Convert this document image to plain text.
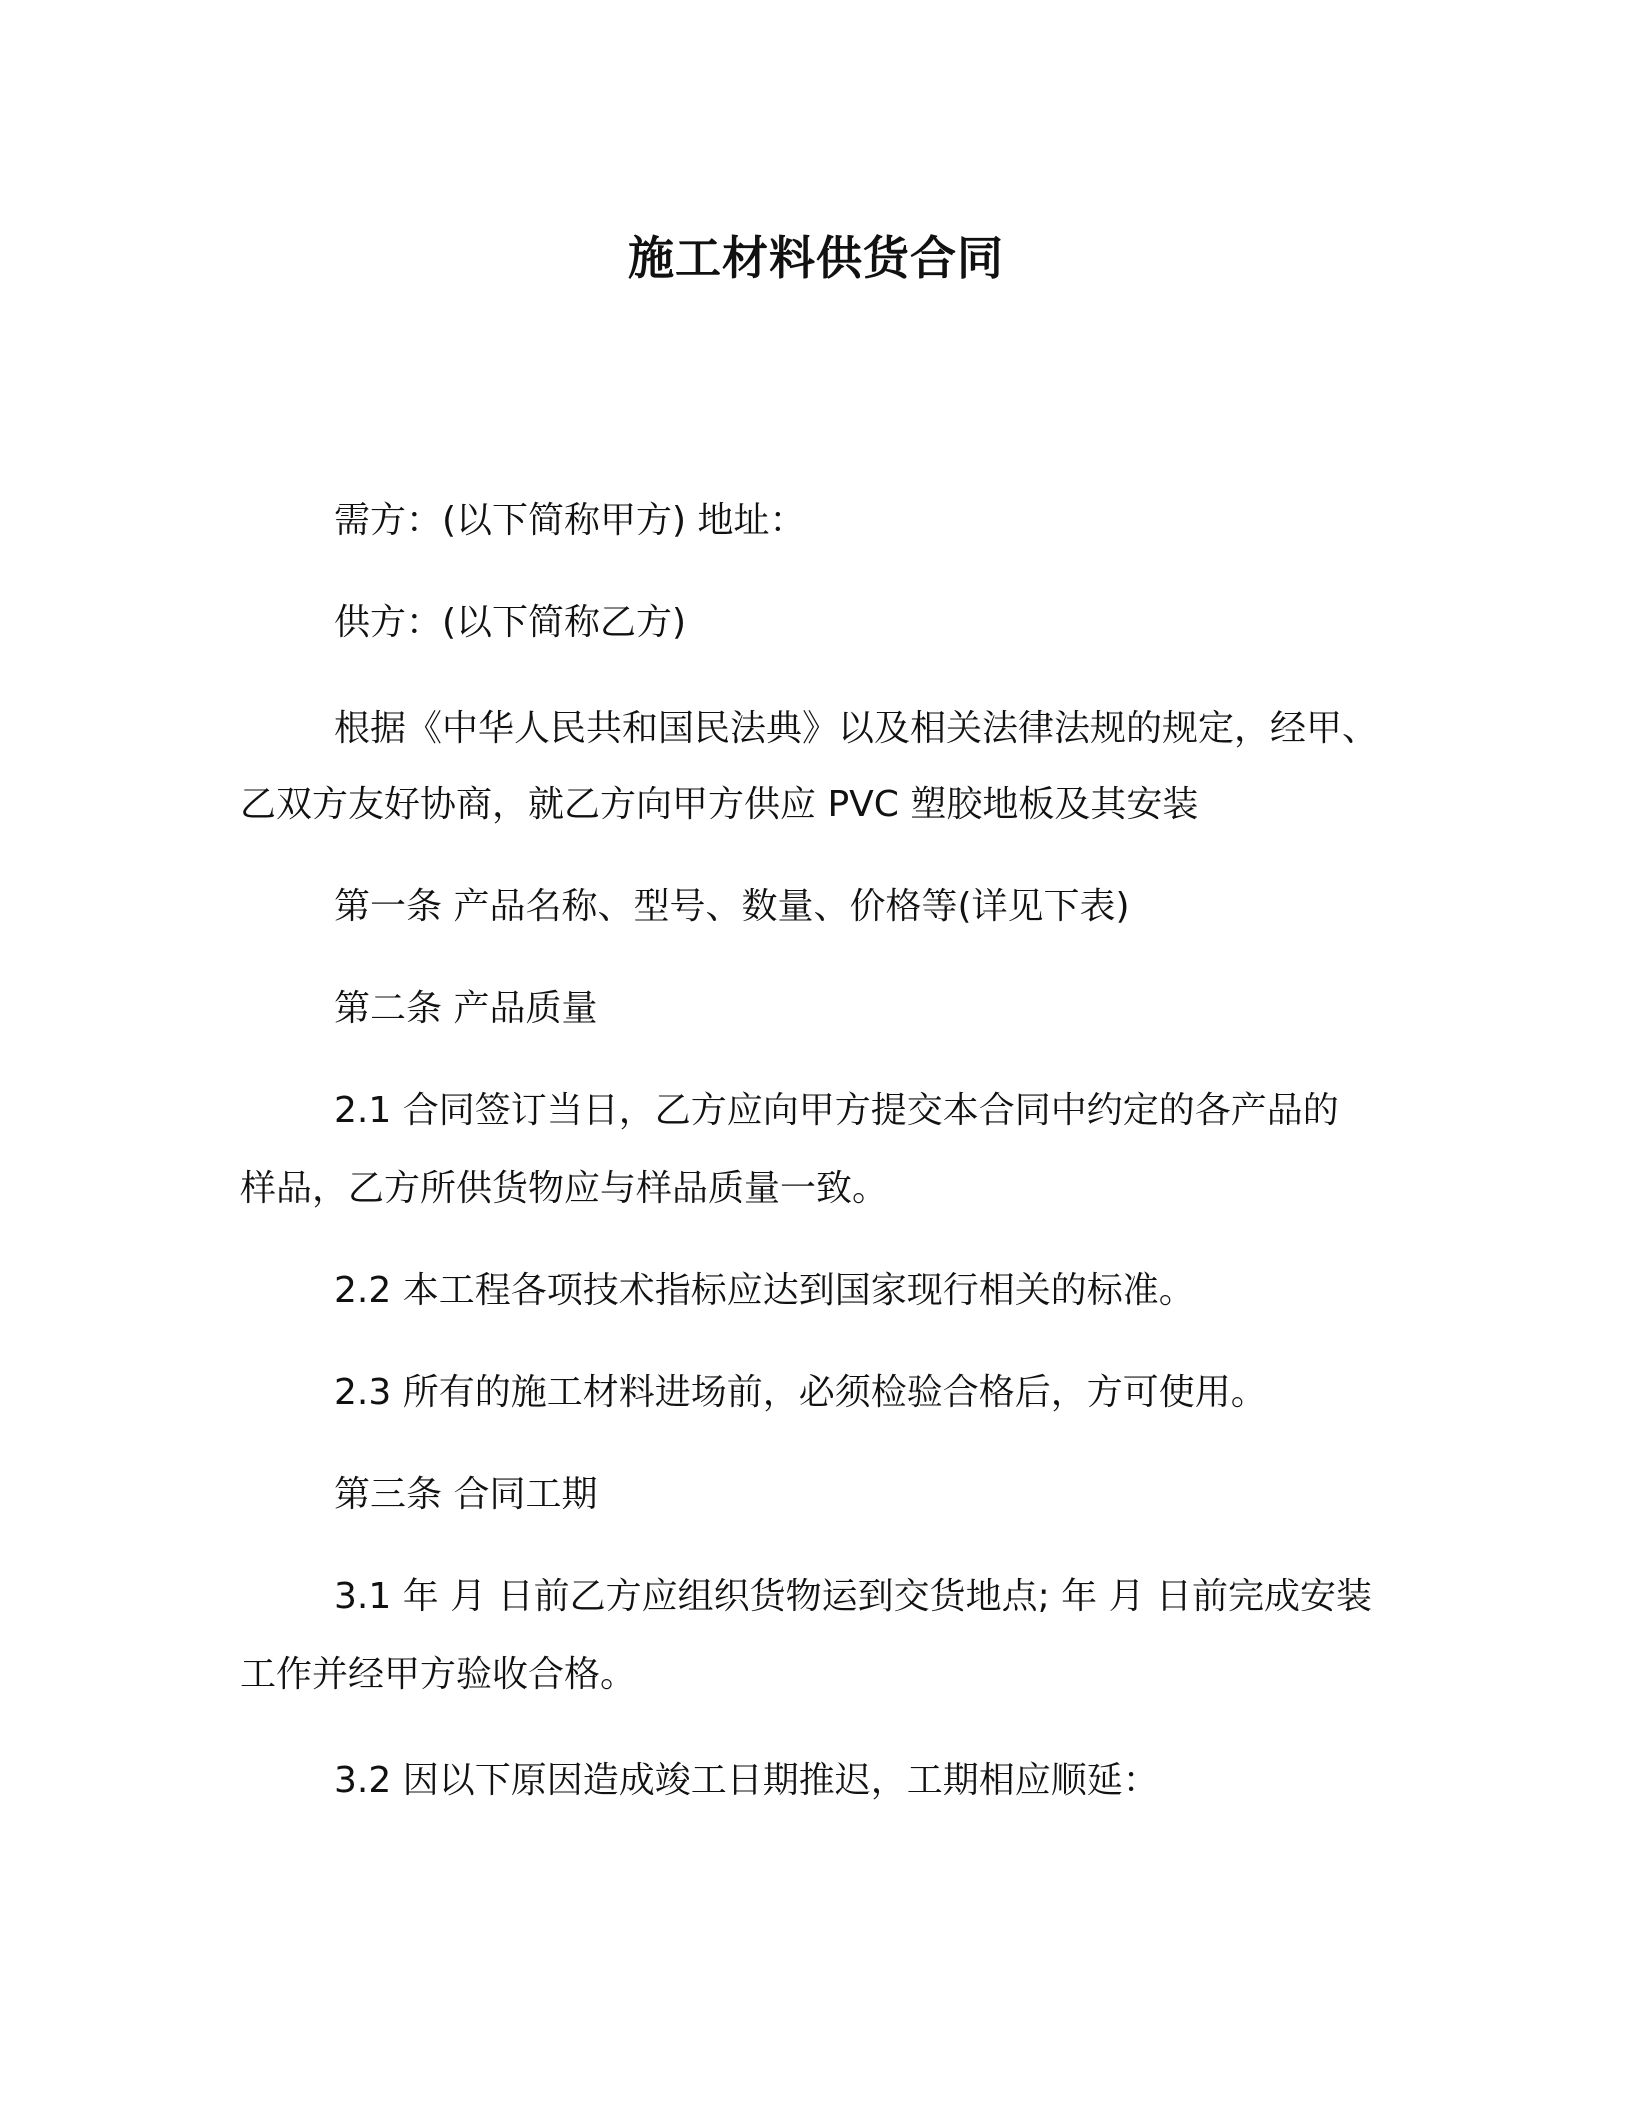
施工材料供货合同
需方：(以下简称甲方) 地址：
供方：(以下简称乙方)
根据《中华人民共和国民法典》以及相关法律法规的规定，经甲、
乙双方友好协商，就乙方向甲方供应 PVC 塑胶地板及其安装
第一条 产品名称、型号、数量、价格等(详见下表)
第二条 产品质量
2.1 合同签订当日，乙方应向甲方提交本合同中约定的各产品的
样品，乙方所供货物应与样品质量一致。
2.2 本工程各项技术指标应达到国家现行相关的标准。
2.3 所有的施工材料进场前，必须检验合格后，方可使用。
第三条 合同工期
3.1 年 月 日前乙方应组织货物运到交货地点; 年 月 日前完成安装
工作并经甲方验收合格。
3.2 因以下原因造成竣工日期推迟，工期相应顺延：
